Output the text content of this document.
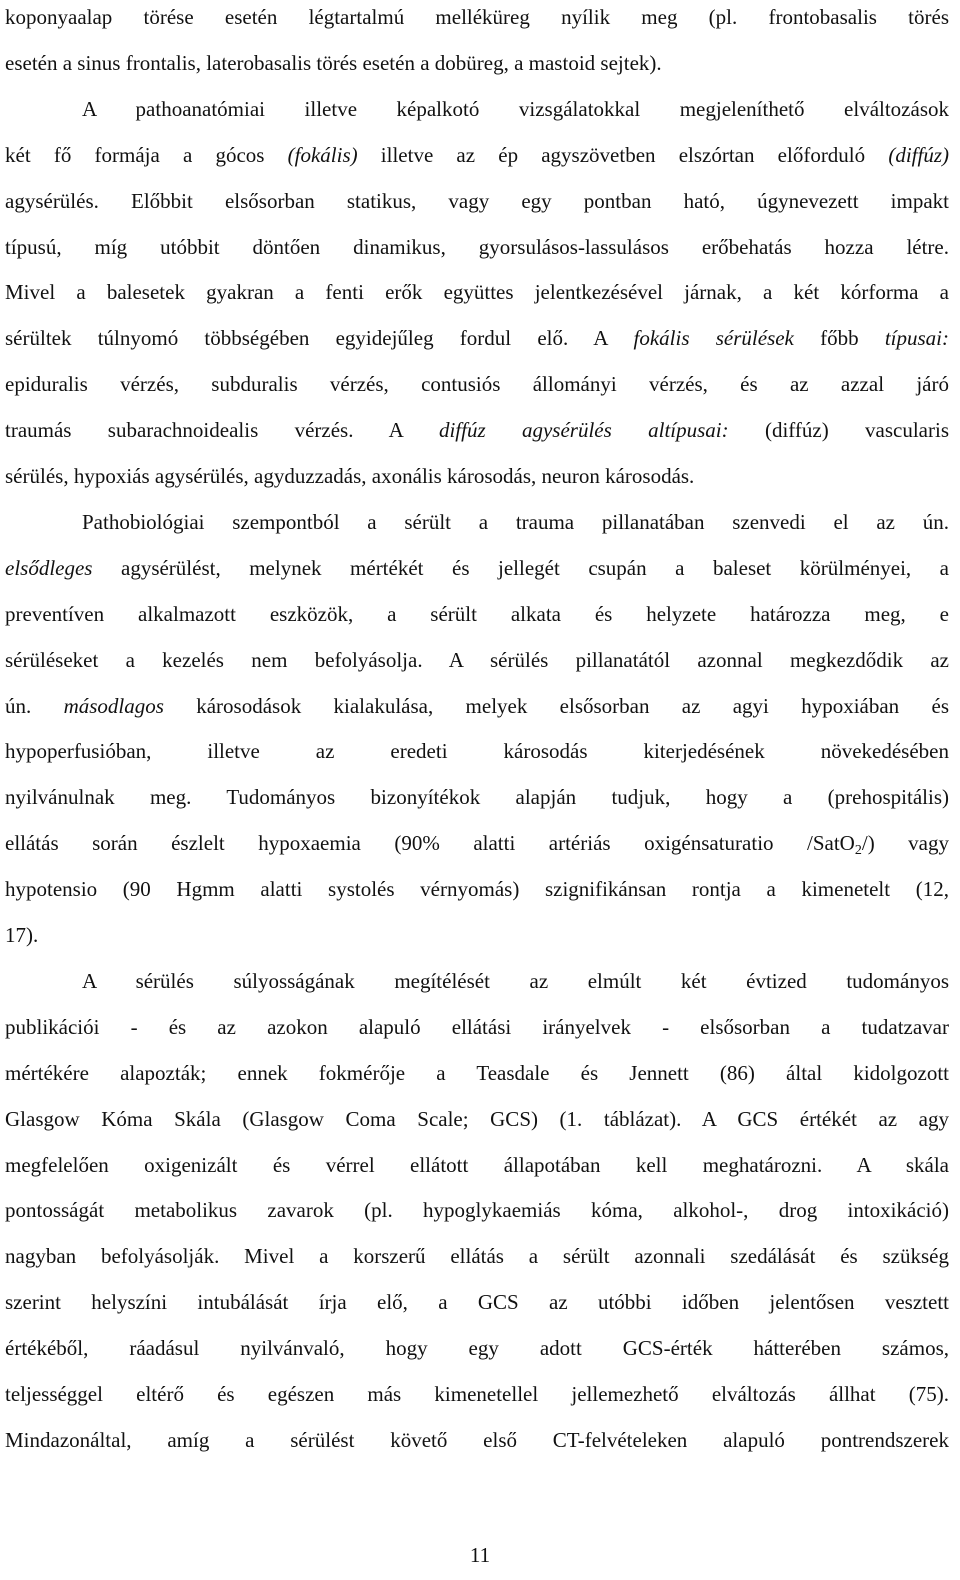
koponyaalap törése esetén légtartalmú melléküreg nyílik meg (pl. frontobasalis törés
esetén a sinus frontalis, laterobasalis törés esetén a dobüreg, a mastoid sejtek).
A pathoanatómiai illetve képalkotó vizsgálatokkal megjeleníthető elváltozások
két fő formája a gócos (fokális) illetve az ép agyszövetben elszórtan előforduló (diffúz)
agysérülés. Előbbit elsősorban statikus, vagy egy pontban ható, úgynevezett impakt
típusú, míg utóbbit döntően dinamikus, gyorsulásos-lassulásos erőbehatás hozza létre.
Mivel a balesetek gyakran a fenti erők együttes jelentkezésével járnak, a két kórforma a
sérültek túlnyomó többségében egyidejűleg fordul elő. A fokális sérülések főbb típusai:
epiduralis vérzés, subduralis vérzés, contusiós állományi vérzés, és az azzal járó
traumás subarachnoidealis vérzés. A diffúz agysérülés altípusai: (diffúz) vascularis
sérülés, hypoxiás agysérülés, agyduzzadás, axonális károsodás, neuron károsodás.
Pathobiológiai szempontból a sérült a trauma pillanatában szenvedi el az ún.
elsődleges agysérülést, melynek mértékét és jellegét csupán a baleset körülményei, a
preventíven alkalmazott eszközök, a sérült alkata és helyzete határozza meg, e
sérüléseket a kezelés nem befolyásolja. A sérülés pillanatától azonnal megkezdődik az
ún. másodlagos károsodások kialakulása, melyek elsősorban az agyi hypoxiában és
hypoperfusióban, illetve az eredeti károsodás kiterjedésének növekedésében
nyilvánulnak meg. Tudományos bizonyítékok alapján tudjuk, hogy a (prehospitális)
ellátás során észlelt hypoxaemia (90% alatti artériás oxigénsaturatio /SatO$_2$/) vagy
hypotensio (90 Hgmm alatti systolés vérnyomás) szignifikánsan rontja a kimenetelt (12,
17).
A sérülés súlyosságának megítélését az elmúlt két évtized tudományos
publikációi - és az azokon alapuló ellátási irányelvek - elsősorban a tudatzavar
mértékére alapozták; ennek fokmérője a Teasdale és Jennett (86) által kidolgozott
Glasgow Kóma Skála (Glasgow Coma Scale; GCS) (1. táblázat). A GCS értékét az agy
megfelelően oxigenizált és vérrel ellátott állapotában kell meghatározni. A skála
pontosságát metabolikus zavarok (pl. hypoglykaemiás kóma, alkohol-, drog intoxikáció)
nagyban befolyásolják. Mivel a korszerű ellátás a sérült azonnali szedálását és szükség
szerint helyszíni intubálását írja elő, a GCS az utóbbi időben jelentősen vesztett
értékéből, ráadásul nyilvánvaló, hogy egy adott GCS-érték hátterében számos,
teljességgel eltérő és egészen más kimenetellel jellemezhető elváltozás állhat (75).
Mindazonáltal, amíg a sérülést követő első CT-felvételeken alapuló pontrendszerek
11
